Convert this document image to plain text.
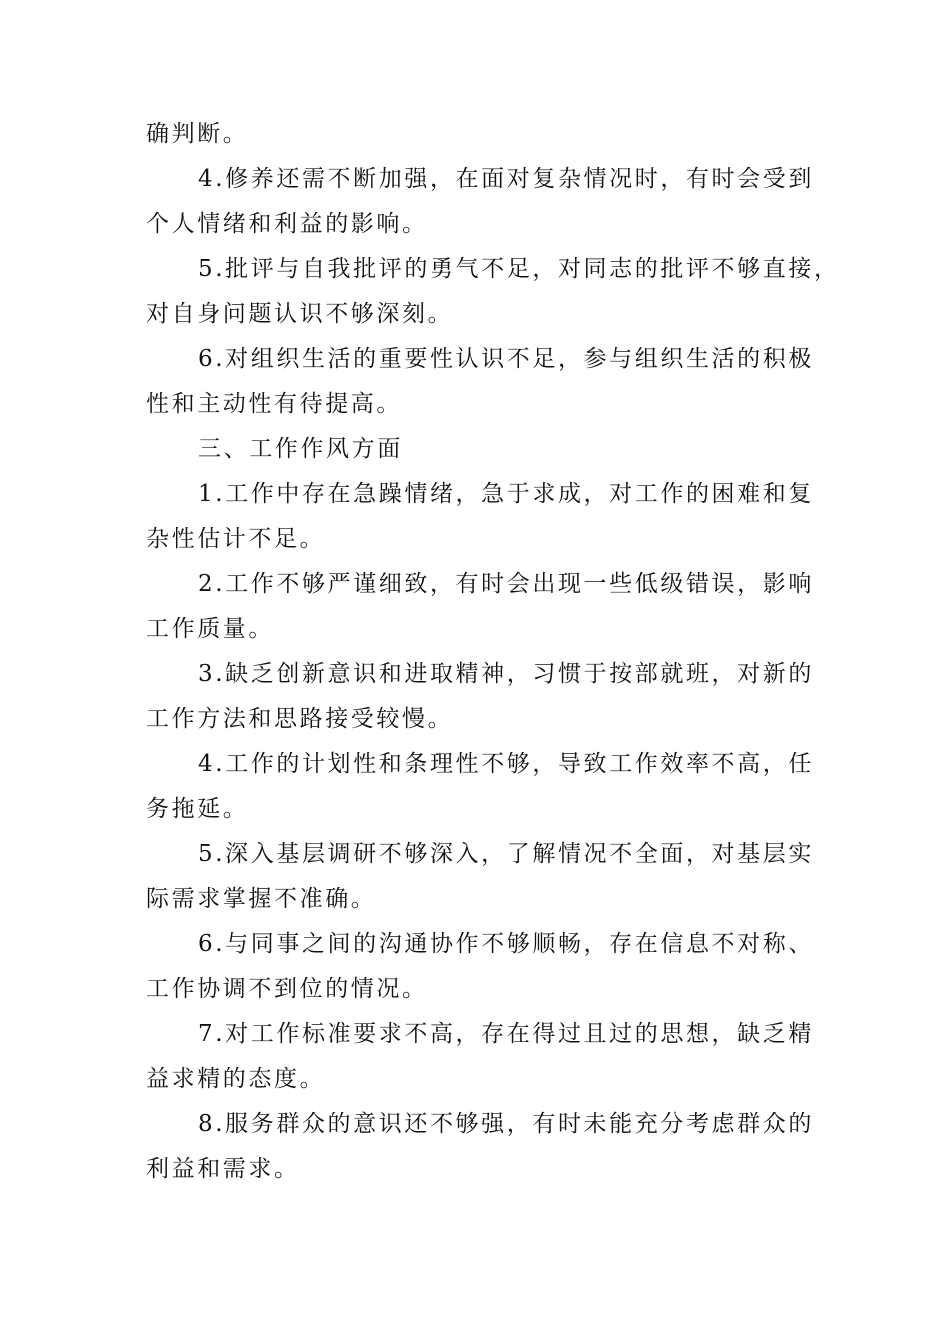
确判断。
4.修养还需不断加强，在面对复杂情况时，有时会受到
个人情绪和利益的影响。
5.批评与自我批评的勇气不足，对同志的批评不够直接，
对自身问题认识不够深刻。
6.对组织生活的重要性认识不足，参与组织生活的积极
性和主动性有待提高。
三、工作作风方面
1.工作中存在急躁情绪，急于求成，对工作的困难和复
杂性估计不足。
2.工作不够严谨细致，有时会出现一些低级错误，影响
工作质量。
3.缺乏创新意识和进取精神，习惯于按部就班，对新的
工作方法和思路接受较慢。
4.工作的计划性和条理性不够，导致工作效率不高，任
务拖延。
5.深入基层调研不够深入，了解情况不全面，对基层实
际需求掌握不准确。
6.与同事之间的沟通协作不够顺畅，存在信息不对称、
工作协调不到位的情况。
7.对工作标准要求不高，存在得过且过的思想，缺乏精
益求精的态度。
8.服务群众的意识还不够强，有时未能充分考虑群众的
利益和需求。
